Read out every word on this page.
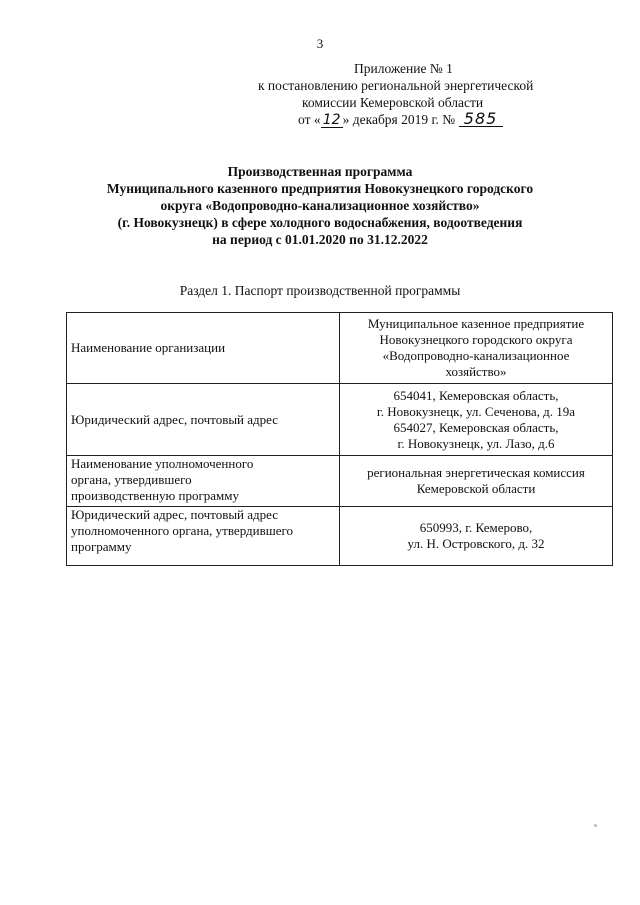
3
Приложение № 1
к постановлению региональной энергетической
комиссии Кемеровской области
от « 12 » декабря 2019 г. № 585
Производственная программа
Муниципального казенного предприятия Новокузнецкого городского
округа «Водопроводно-канализационное хозяйство»
(г. Новокузнецк) в сфере холодного водоснабжения, водоотведения
на период с 01.01.2020 по 31.12.2022
Раздел 1. Паспорт производственной программы
Наименование организации	Муниципальное казенное предприятие
Новокузнецкого городского округа
«Водопроводно-канализационное
хозяйство»

Юридический адрес, почтовый адрес	654041, Кемеровская область,
г. Новокузнецк, ул. Сеченова, д. 19а
654027, Кемеровская область,
г. Новокузнецк, ул. Лазо, д.6

Наименование уполномоченного
органа, утвердившего
производственную программу	региональная энергетическая комиссия
Кемеровской области

Юридический адрес, почтовый адрес
уполномоченного органа, утвердившего
программу	650993, г. Кемерово,
ул. Н. Островского, д. 32
